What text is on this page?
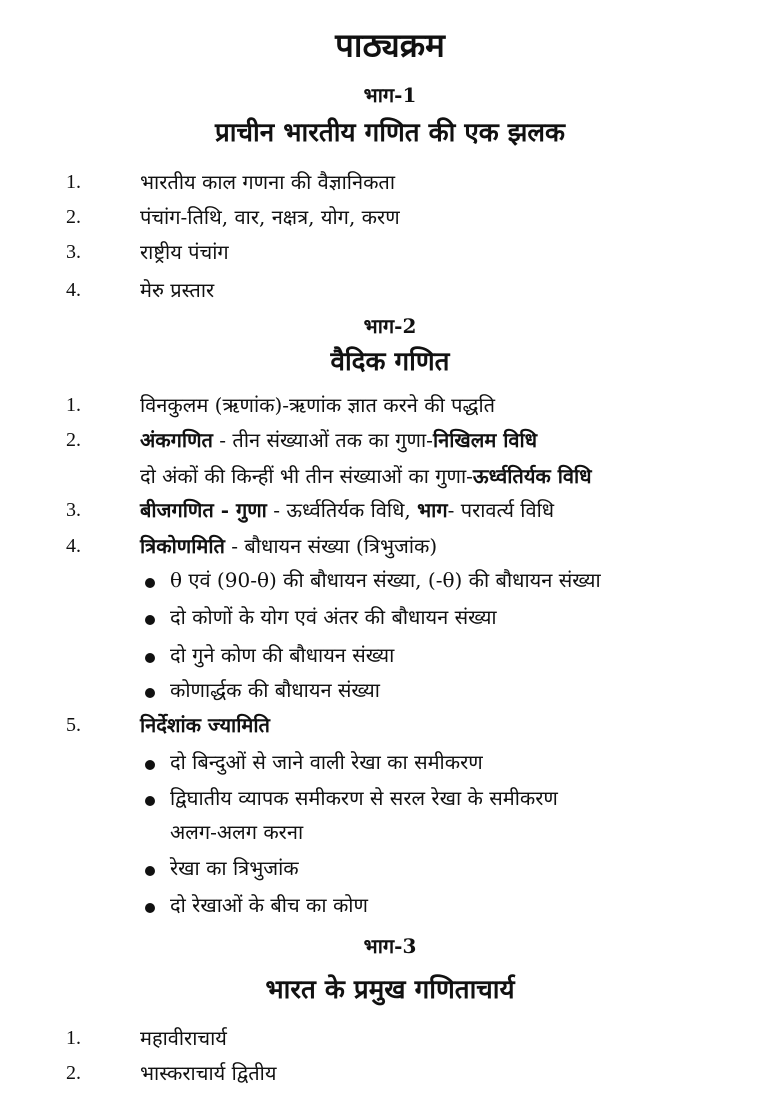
पाठ्यक्रम
भाग-1
प्राचीन भारतीय गणित की एक झलक
1.	भारतीय काल गणना की वैज्ञानिकता
2.	पंचांग-तिथि, वार, नक्षत्र, योग, करण
3.	राष्ट्रीय पंचांग
4.	मेरु प्रस्तार
भाग-2
वैदिक गणित
1.	विनकुलम (ऋणांक)-ऋणांक ज्ञात करने की पद्धति
2.	अंकगणित - तीन संख्याओं तक का गुणा-निखिलम विधि
दो अंकों की किन्हीं भी तीन संख्याओं का गुणा-ऊर्ध्वतिर्यक विधि
3.	बीजगणित - गुणा - ऊर्ध्वतिर्यक विधि, भाग- परावर्त्य विधि
4.	त्रिकोणमिति - बौधायन संख्या (त्रिभुजांक)
θ एवं (90-θ) की बौधायन संख्या, (-θ) की बौधायन संख्या
दो कोणों के योग एवं अंतर की बौधायन संख्या
दो गुने कोण की बौधायन संख्या
कोणार्द्धक की बौधायन संख्या
5.	निर्देशांक ज्यामिति
दो बिन्दुओं से जाने वाली रेखा का समीकरण
द्विघातीय व्यापक समीकरण से सरल रेखा के समीकरण
अलग-अलग करना
रेखा का त्रिभुजांक
दो रेखाओं के बीच का कोण
भाग-3
भारत के प्रमुख गणिताचार्य
1.	महावीराचार्य
2.	भास्कराचार्य द्वितीय
